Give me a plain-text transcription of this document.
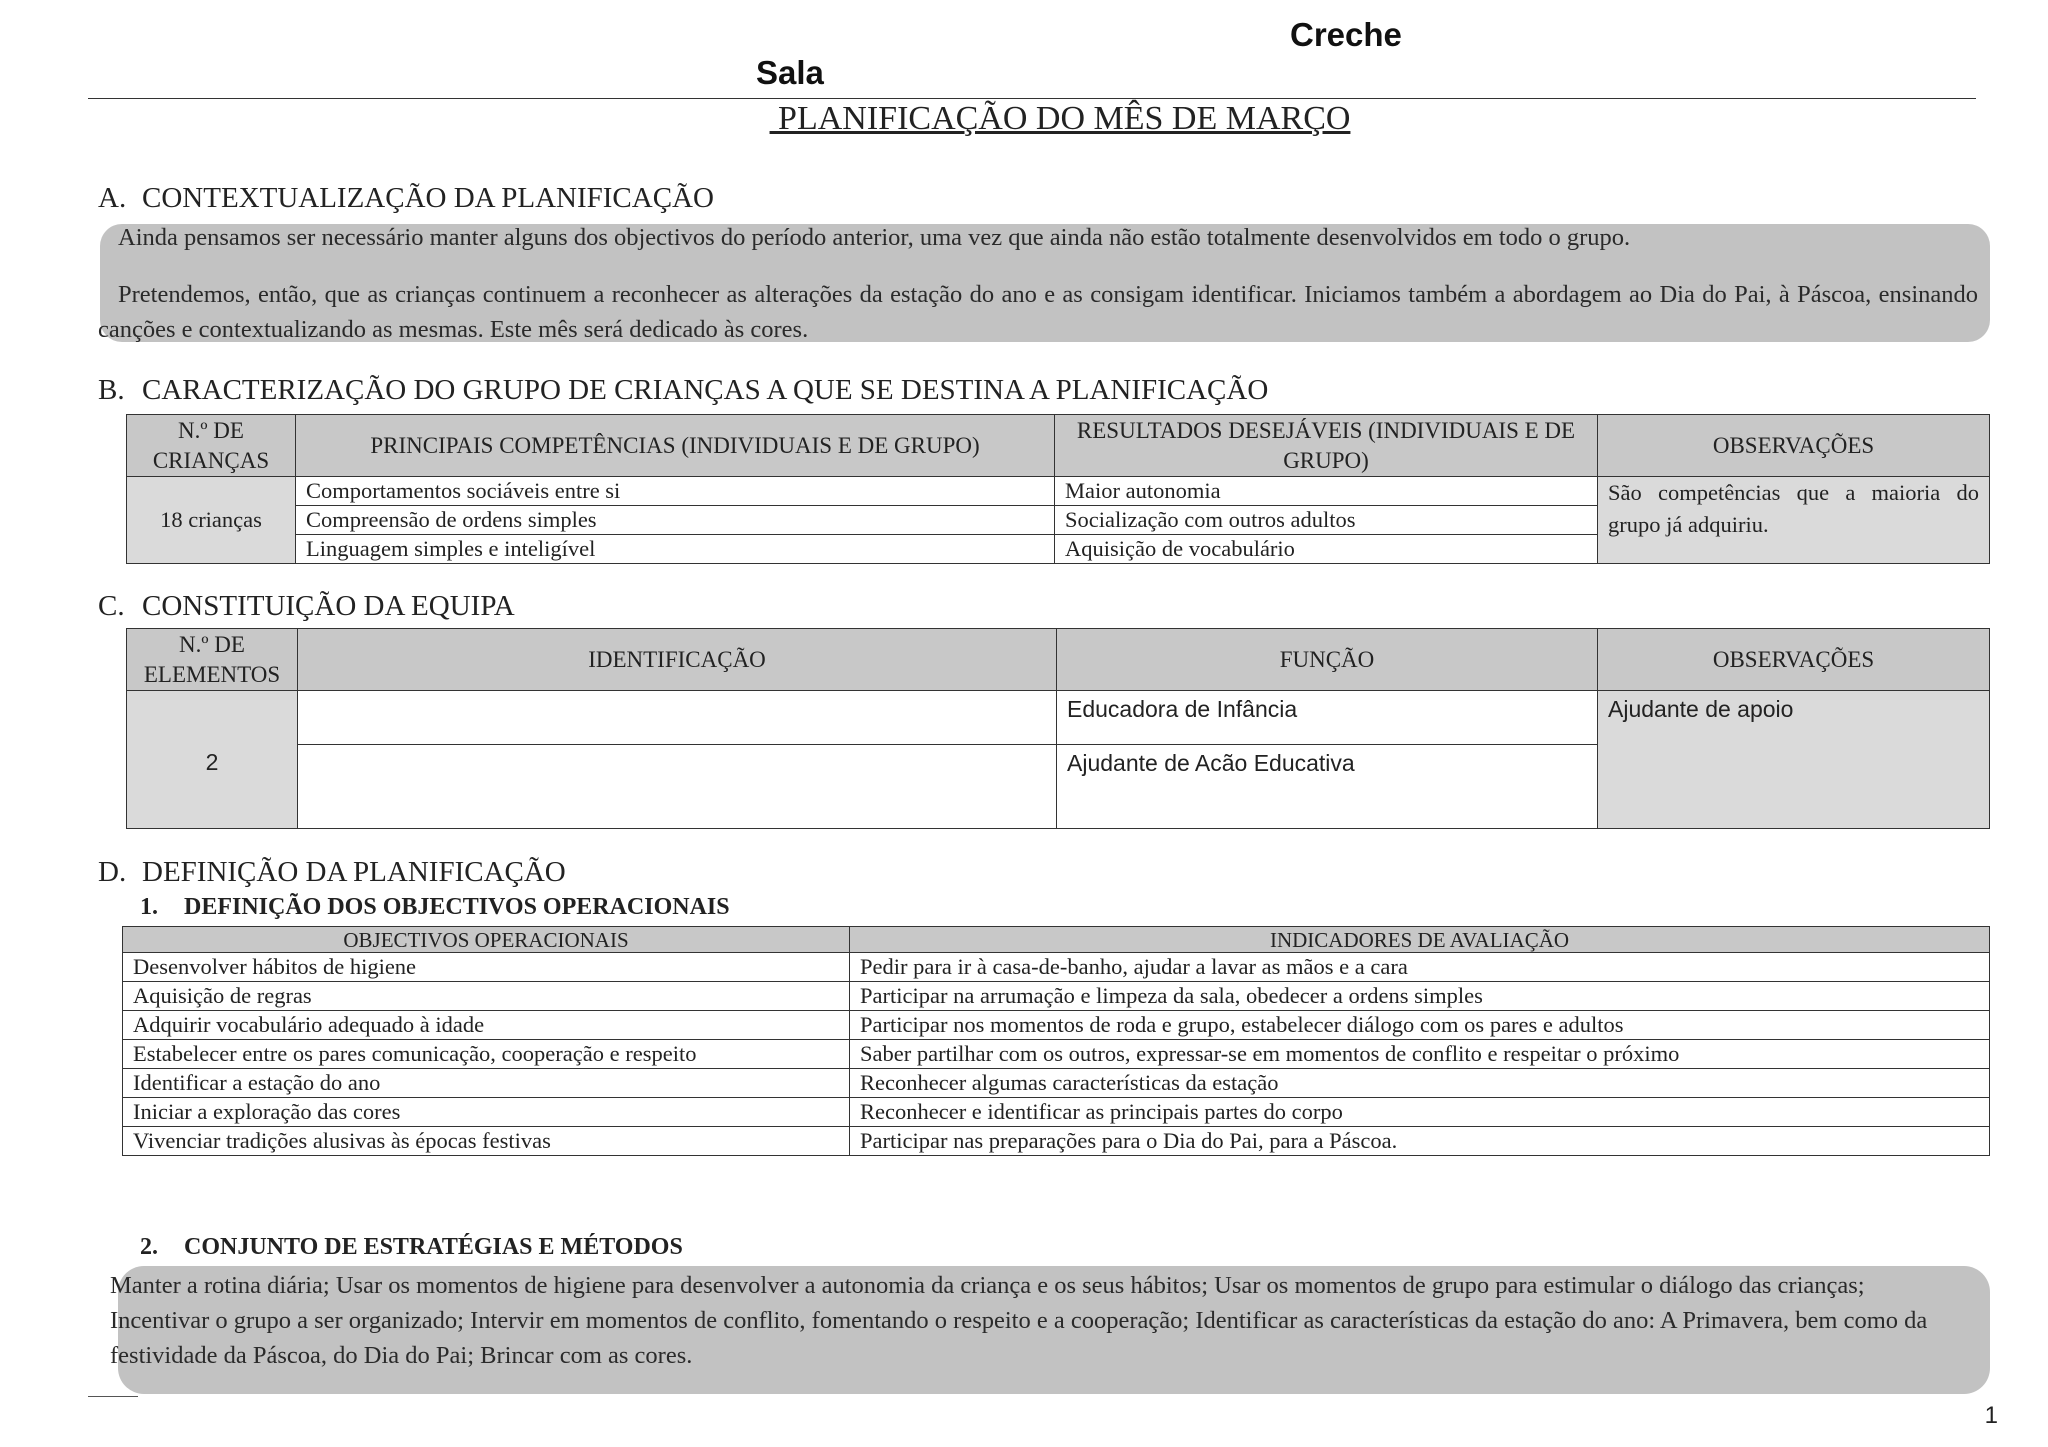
Creche
Sala
PLANIFICAÇÃO DO MÊS DE MARÇO
A. CONTEXTUALIZAÇÃO DA PLANIFICAÇÃO
Ainda pensamos ser necessário manter alguns dos objectivos do período anterior, uma vez que ainda não estão totalmente desenvolvidos em todo o grupo.
Pretendemos, então, que as crianças continuem a reconhecer as alterações da estação do ano e as consigam identificar. Iniciamos também a abordagem ao Dia do Pai, à Páscoa, ensinando canções e contextualizando as mesmas. Este mês será dedicado às cores.
B. CARACTERIZAÇÃO DO GRUPO DE CRIANÇAS A QUE SE DESTINA A PLANIFICAÇÃO
N.º DE CRIANÇAS	PRINCIPAIS COMPETÊNCIAS (INDIVIDUAIS E DE GRUPO)	RESULTADOS DESEJÁVEIS (INDIVIDUAIS E DE GRUPO)	OBSERVAÇÕES
18 crianças	Comportamentos sociáveis entre si	Maior autonomia	São competências que a maioria do grupo já adquiriu.
	Compreensão de ordens simples	Socialização com outros adultos	
	Linguagem simples e inteligível	Aquisição de vocabulário	
C. CONSTITUIÇÃO DA EQUIPA
N.º DE ELEMENTOS	IDENTIFICAÇÃO	FUNÇÃO	OBSERVAÇÕES
2		Educadora de Infância	Ajudante de apoio
		Ajudante de Acão Educativa	
D. DEFINIÇÃO DA PLANIFICAÇÃO
1. DEFINIÇÃO DOS OBJECTIVOS OPERACIONAIS
OBJECTIVOS OPERACIONAIS	INDICADORES DE AVALIAÇÃO
Desenvolver hábitos de higiene	Pedir para ir à casa-de-banho, ajudar a lavar as mãos e a cara
Aquisição de regras	Participar na arrumação e limpeza da sala, obedecer a ordens simples
Adquirir vocabulário adequado à idade	Participar nos momentos de roda e grupo, estabelecer diálogo com os pares e adultos
Estabelecer entre os pares comunicação, cooperação e respeito	Saber partilhar com os outros, expressar-se em momentos de conflito e respeitar o próximo
Identificar a estação do ano	Reconhecer algumas características da estação
Iniciar a exploração das cores	Reconhecer e identificar as principais partes do corpo
Vivenciar tradições alusivas às épocas festivas	Participar nas preparações para o Dia do Pai, para a Páscoa.
2. CONJUNTO DE ESTRATÉGIAS E MÉTODOS
Manter a rotina diária; Usar os momentos de higiene para desenvolver a autonomia da criança e os seus hábitos; Usar os momentos de grupo para estimular o diálogo das crianças; Incentivar o grupo a ser organizado; Intervir em momentos de conflito, fomentando o respeito e a cooperação; Identificar as características da estação do ano: A Primavera, bem como da festividade da Páscoa, do Dia do Pai; Brincar com as cores.
1
